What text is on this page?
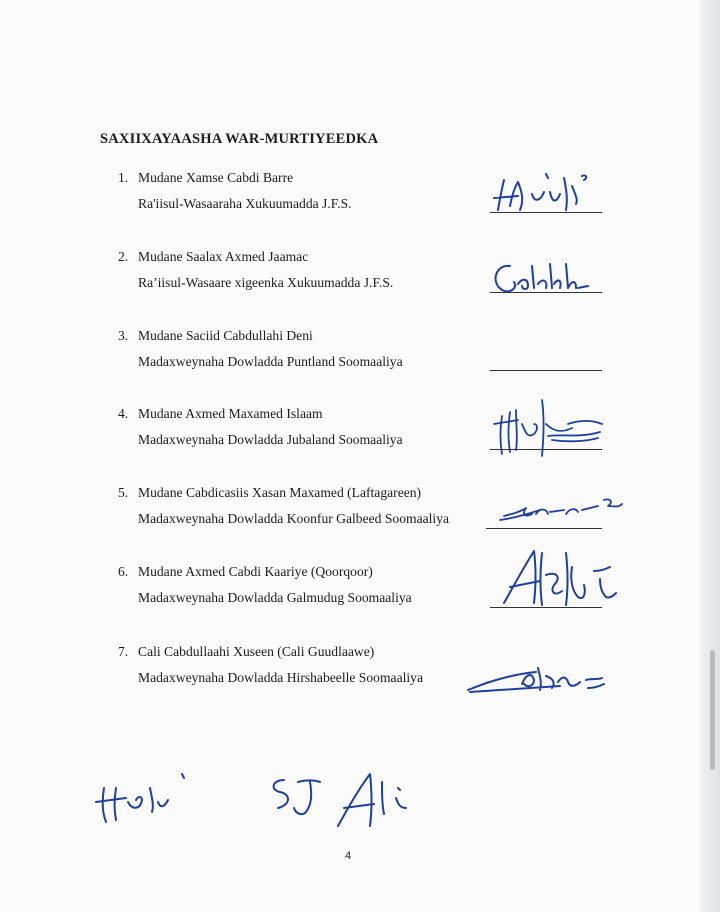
SAXIIXAYAASHA WAR-MURTIYEEDKA
1. Mudane Xamse Cabdi Barre
Ra'iisul-Wasaaraha Xukuumadda J.F.S.
2. Mudane Saalax Axmed Jaamac
Ra’iisul-Wasaare xigeenka Xukuumadda J.F.S.
3. Mudane Saciid Cabdullahi Deni
Madaxweynaha Dowladda Puntland Soomaaliya
4. Mudane Axmed Maxamed Islaam
Madaxweynaha Dowladda Jubaland Soomaaliya
5. Mudane Cabdicasiis Xasan Maxamed (Laftagareen)
Madaxweynaha Dowladda Koonfur Galbeed Soomaaliya
6. Mudane Axmed Cabdi Kaariye (Qoorqoor)
Madaxweynaha Dowladda Galmudug Soomaaliya
7. Cali Cabdullaahi Xuseen (Cali Guudlaawe)
Madaxweynaha Dowladda Hirshabeelle Soomaaliya
4
